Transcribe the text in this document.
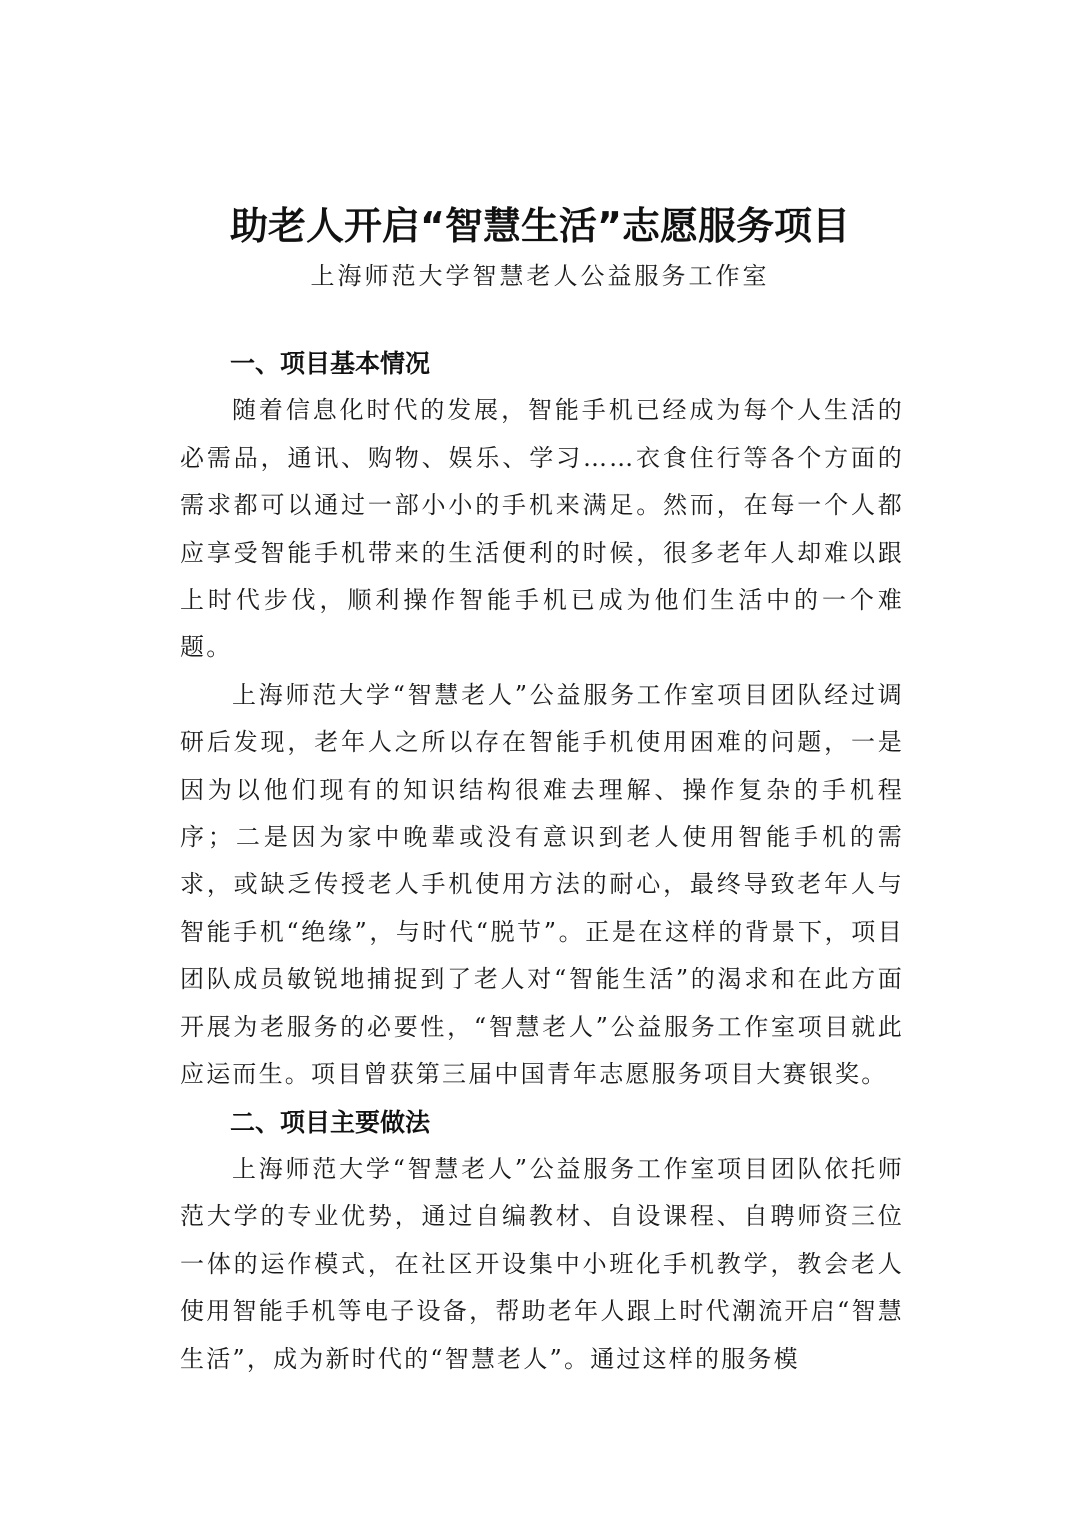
助老人开启“智慧生活”志愿服务项目
上海师范大学智慧老人公益服务工作室
一、项目基本情况

随着信息化时代的发展，智能手机已经成为每个人生活的必需品，通讯、购物、娱乐、学习……衣食住行等各个方面的需求都可以通过一部小小的手机来满足。然而，在每一个人都应享受智能手机带来的生活便利的时候，很多老年人却难以跟上时代步伐，顺利操作智能手机已成为他们生活中的一个难题。

上海师范大学“智慧老人”公益服务工作室项目团队经过调研后发现，老年人之所以存在智能手机使用困难的问题，一是因为以他们现有的知识结构很难去理解、操作复杂的手机程序；二是因为家中晚辈或没有意识到老人使用智能手机的需求，或缺乏传授老人手机使用方法的耐心，最终导致老年人与智能手机“绝缘”，与时代“脱节”。正是在这样的背景下，项目团队成员敏锐地捕捉到了老人对“智能生活”的渴求和在此方面开展为老服务的必要性，“智慧老人”公益服务工作室项目就此应运而生。项目曾获第三届中国青年志愿服务项目大赛银奖。

二、项目主要做法

上海师范大学“智慧老人”公益服务工作室项目团队依托师范大学的专业优势，通过自编教材、自设课程、自聘师资三位一体的运作模式，在社区开设集中小班化手机教学，教会老人使用智能手机等电子设备，帮助老年人跟上时代潮流开启“智慧生活”，成为新时代的“智慧老人”。通过这样的服务模
